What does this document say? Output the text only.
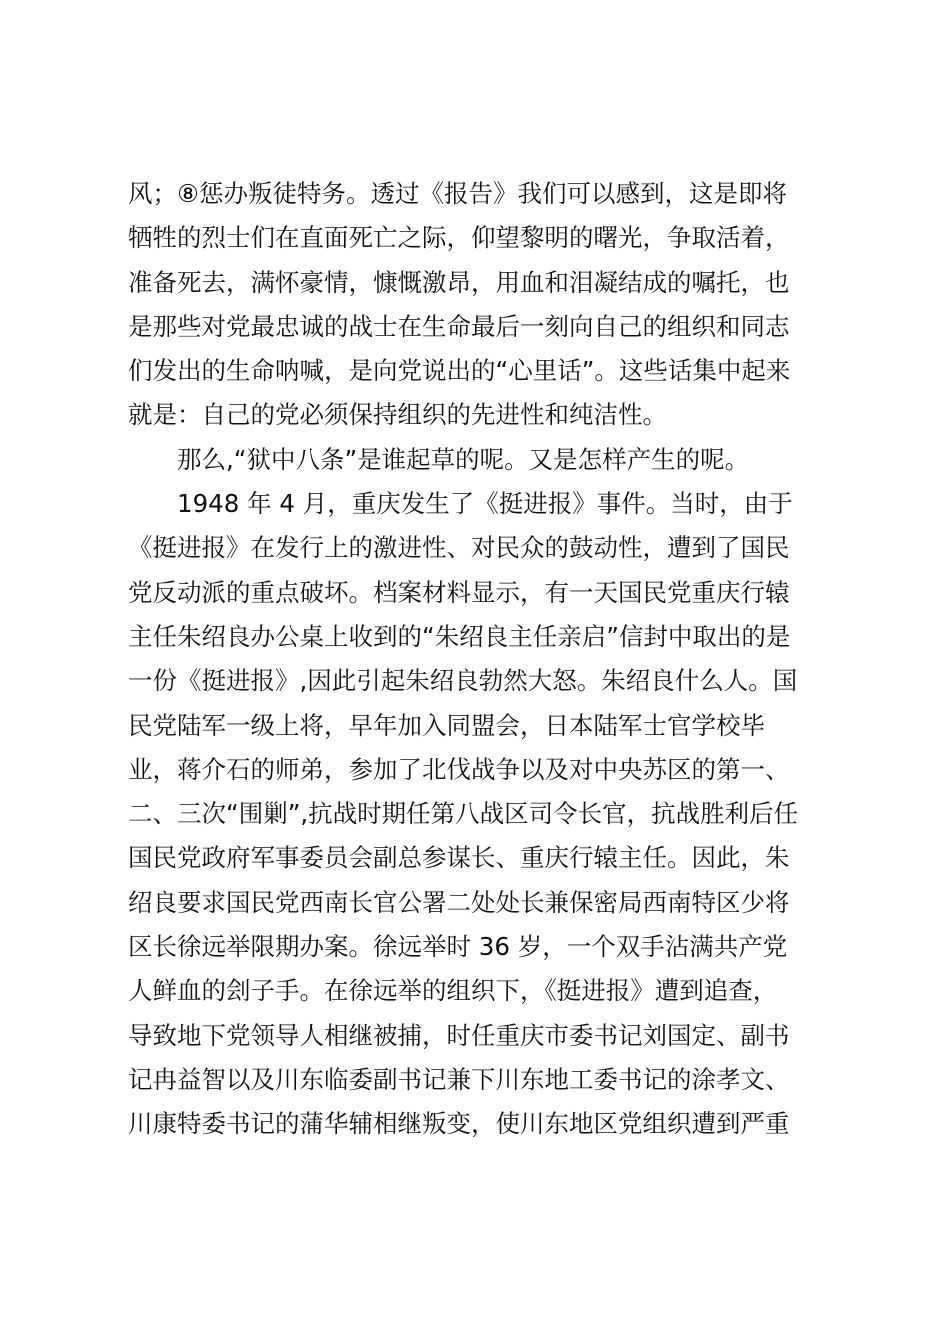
风；⑧惩办叛徒特务。透过《报告》我们可以感到，这是即将
牺牲的烈士们在直面死亡之际，仰望黎明的曙光，争取活着，
准备死去，满怀豪情，慷慨激昂，用血和泪凝结成的嘱托，也
是那些对党最忠诚的战士在生命最后一刻向自己的组织和同志
们发出的生命呐喊，是向党说出的“心里话”。这些话集中起来
就是：自己的党必须保持组织的先进性和纯洁性。
　　那么,“狱中八条”是谁起草的呢。又是怎样产生的呢。
　　1948 年 4 月，重庆发生了《挺进报》事件。当时，由于
《挺进报》在发行上的激进性、对民众的鼓动性，遭到了国民
党反动派的重点破坏。档案材料显示，有一天国民党重庆行辕
主任朱绍良办公桌上收到的“朱绍良主任亲启”信封中取出的是
一份《挺进报》,因此引起朱绍良勃然大怒。朱绍良什么人。国
民党陆军一级上将，早年加入同盟会，日本陆军士官学校毕
业，蒋介石的师弟，参加了北伐战争以及对中央苏区的第一、
二、三次“围剿”,抗战时期任第八战区司令长官，抗战胜利后任
国民党政府军事委员会副总参谋长、重庆行辕主任。因此，朱
绍良要求国民党西南长官公署二处处长兼保密局西南特区少将
区长徐远举限期办案。徐远举时 36 岁，一个双手沾满共产党
人鲜血的刽子手。在徐远举的组织下，《挺进报》遭到追查，
导致地下党领导人相继被捕，时任重庆市委书记刘国定、副书
记冉益智以及川东临委副书记兼下川东地工委书记的涂孝文、
川康特委书记的蒲华辅相继叛变，使川东地区党组织遭到严重
